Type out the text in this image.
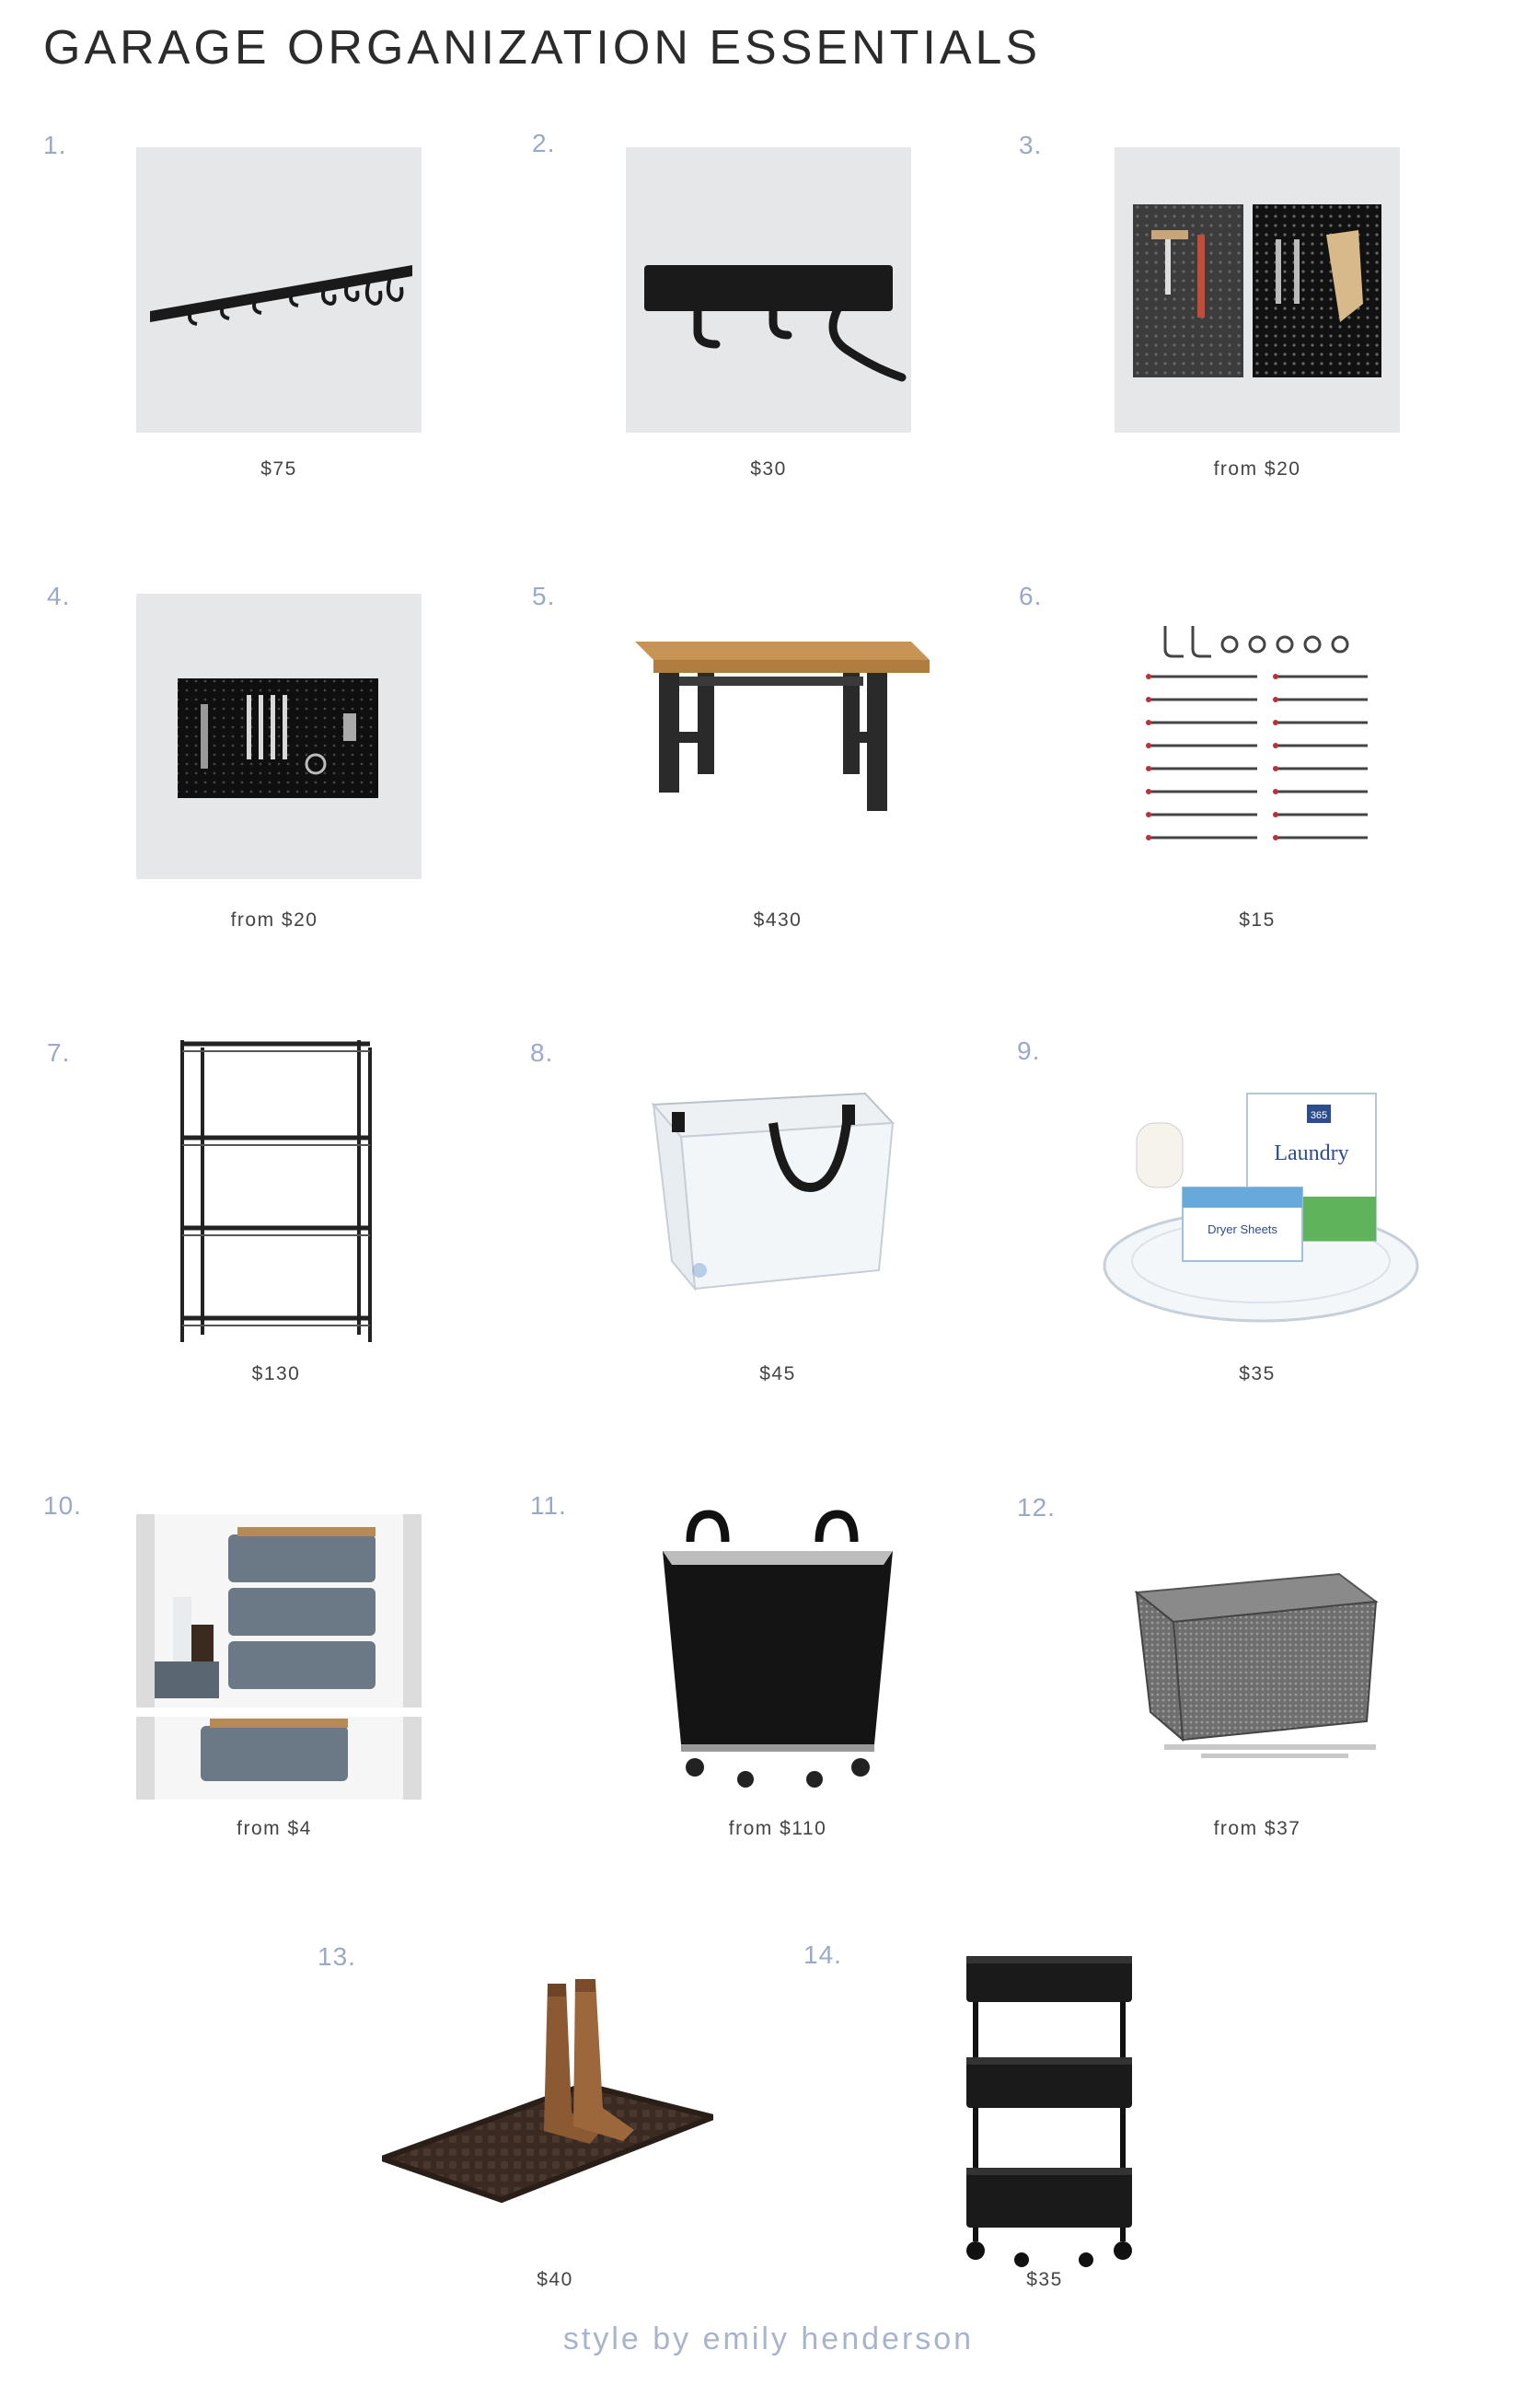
GARAGE ORGANIZATION ESSENTIALS
1.
$75
2.
$30
3.
from $20
4.
from $20
5.
$430
6.
$15
7.
$130
8.
$45
9.
365
Laundry
Dryer Sheets
$35
10.
from $4
11.
from $110
12.
from $37
13.
$40
14.
$35
style by emily henderson
